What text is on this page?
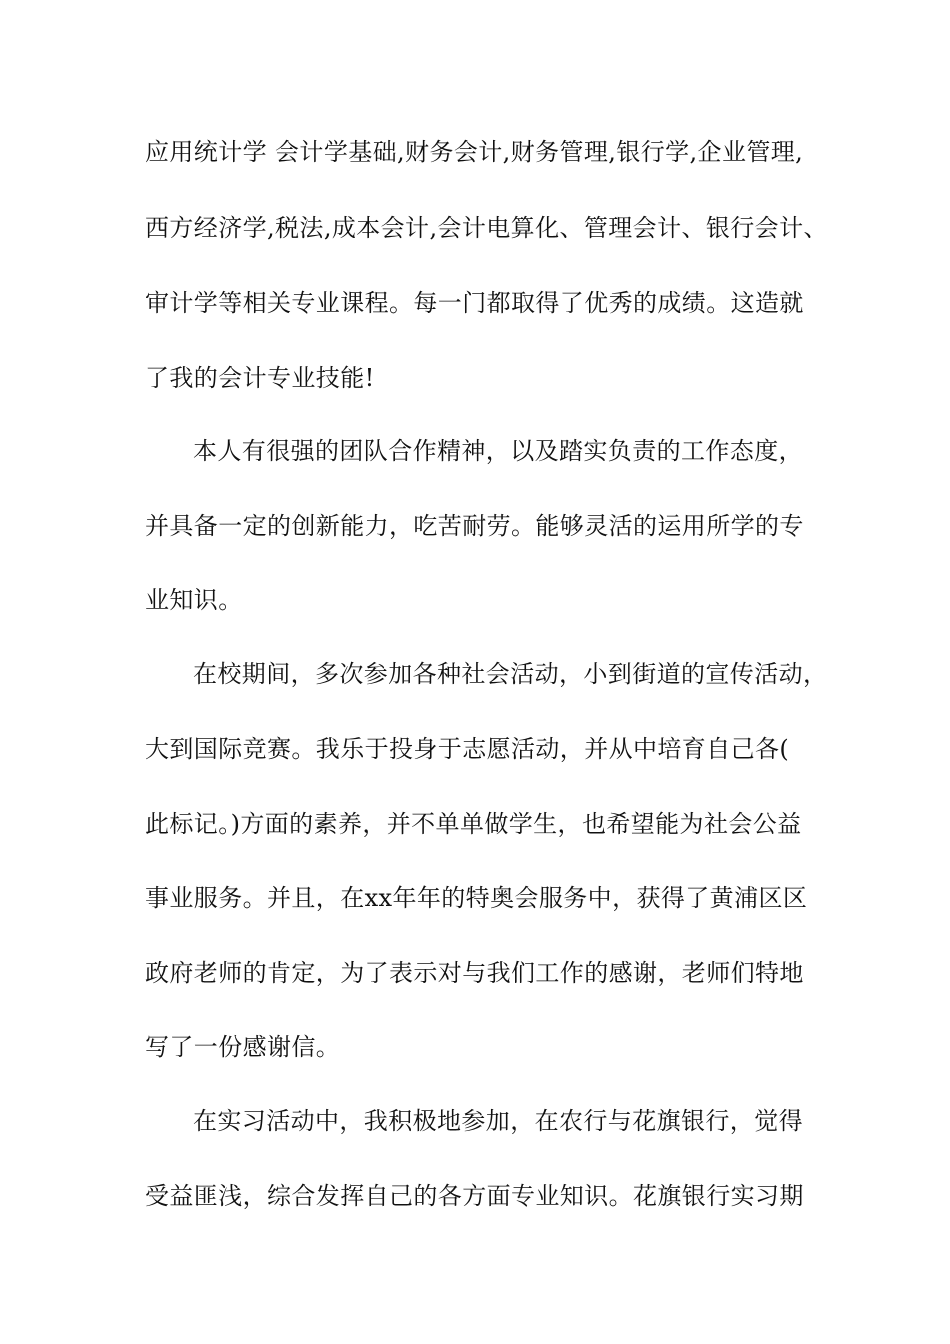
应用统计学 会计学基础,财务会计,财务管理,银行学,企业管理,
西方经济学,税法,成本会计,会计电算化、管理会计、银行会计、
审计学等相关专业课程。每一门都取得了优秀的成绩。这造就
了我的会计专业技能!
本人有很强的团队合作精神，以及踏实负责的工作态度，
并具备一定的创新能力，吃苦耐劳。能够灵活的运用所学的专
业知识。
在校期间，多次参加各种社会活动，小到街道的宣传活动，
大到国际竞赛。我乐于投身于志愿活动，并从中培育自己各(
此标记。)方面的素养，并不单单做学生，也希望能为社会公益
事业服务。并且，在xx年年的特奥会服务中，获得了黄浦区区
政府老师的肯定，为了表示对与我们工作的感谢，老师们特地
写了一份感谢信。
在实习活动中，我积极地参加，在农行与花旗银行，觉得
受益匪浅，综合发挥自己的各方面专业知识。花旗银行实习期
